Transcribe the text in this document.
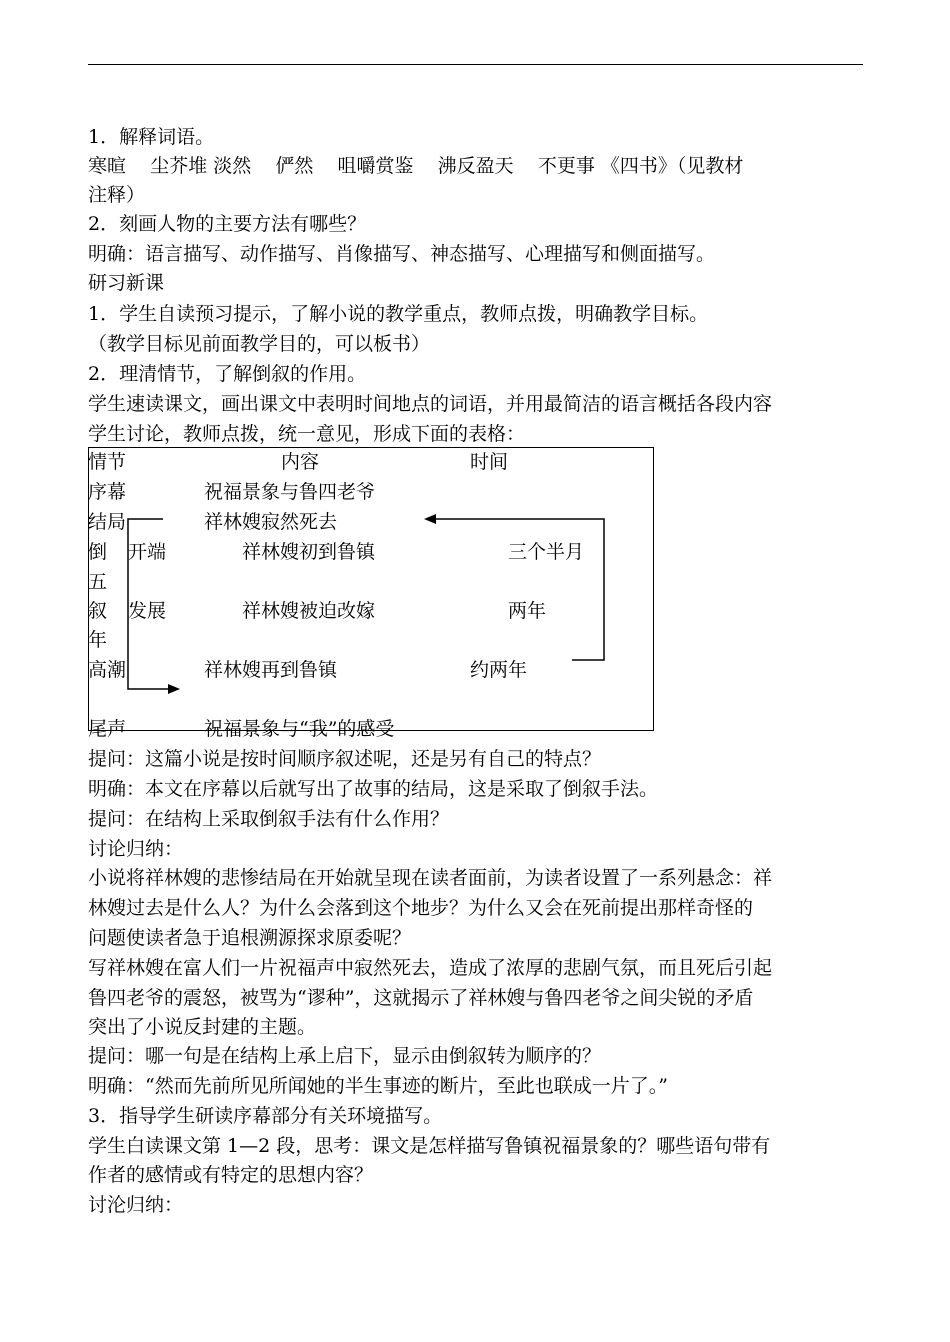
1．解释词语。
寒暄    尘芥堆 淡然    俨然    咀嚼赏鉴    沸反盈天    不更事 《四书》（见教材
注释）
2．刻画人物的主要方法有哪些？
明确：语言描写、动作描写、肖像描写、神态描写、心理描写和侧面描写。
研习新课
1．学生自读预习提示，了解小说的教学重点，教师点拨，明确教学目标。
（教学目标见前面教学目的，可以板书）
2．理清情节，了解倒叙的作用。
学生速读课文，画出课文中表明时间地点的词语，并用最简洁的语言概括各段内容
学生讨论，教师点拨，统一意见，形成下面的表格：
情节	内容	时间
序幕	祝福景象与鲁四老爷
结局	祥林嫂寂然死去
倒 开端	祥林嫂初到鲁镇	三个半月
五
叙 发展	祥林嫂被迫改嫁	两年
年
高潮	祥林嫂再到鲁镇	约两年
尾声	祝福景象与“我”的感受
提问：这篇小说是按时间顺序叙述呢，还是另有自己的特点？
明确：本文在序幕以后就写出了故事的结局，这是采取了倒叙手法。
提问：在结构上采取倒叙手法有什么作用？
讨论归纳：
小说将祥林嫂的悲惨结局在开始就呈现在读者面前，为读者设置了一系列悬念：祥
林嫂过去是什么人？为什么会落到这个地步？为什么又会在死前提出那样奇怪的
问题使读者急于追根溯源探求原委呢？
写祥林嫂在富人们一片祝福声中寂然死去，造成了浓厚的悲剧气氛，而且死后引起
鲁四老爷的震怒，被骂为“谬种”，这就揭示了祥林嫂与鲁四老爷之间尖锐的矛盾
突出了小说反封建的主题。
提问：哪一句是在结构上承上启下，显示由倒叙转为顺序的？
明确：“然而先前所见所闻她的半生事迹的断片，至此也联成一片了。”
3．指导学生研读序幕部分有关环境描写。
学生白读课文第 1—2 段，思考：课文是怎样描写鲁镇祝福景象的？哪些语句带有
作者的感情或有特定的思想内容？
讨沦归纳：
